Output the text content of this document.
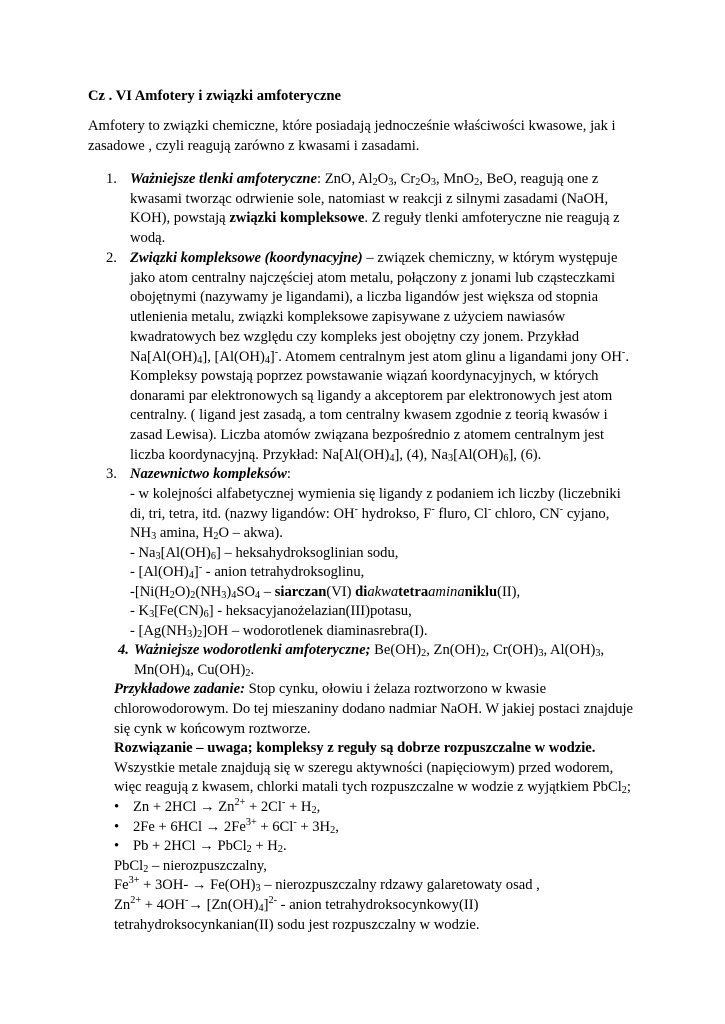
Cz . VI Amfotery i związki amfoteryczne
Amfotery to związki chemiczne, które posiadają jednocześnie właściwości kwasowe, jak i
zasadowe , czyli reagują zarówno z kwasami i zasadami.
1. Ważniejsze tlenki amfoteryczne: ZnO, $Al_2O_3$, $Cr_2O_3$, MnO$_2$, BeO, reagują one z
kwasami tworząc odrwienie sole, natomiast w reakcji z silnymi zasadami (NaOH,
KOH), powstają związki kompleksowe. Z reguły tlenki amfoteryczne nie reagują z
wodą.
2. Związki kompleksowe (koordynacyjne) – związek chemiczny, w którym występuje
jako atom centralny najczęściej atom metalu, połączony z jonami lub cząsteczkami
obojętnymi (nazywamy je ligandami), a liczba ligandów jest większa od stopnia
utlenienia metalu, związki kompleksowe zapisywane z użyciem nawiasów
kwadratowych bez względu czy kompleks jest obojętny czy jonem. Przykład
$Na[Al(OH)_4]$, $[Al(OH)_4]^-$. Atomem centralnym jest atom glinu a ligandami jony OH-.
Kompleksy powstają poprzez powstawanie wiązań koordynacyjnych, w których
donarami par elektronowych są ligandy a akceptorem par elektronowych jest atom
centralny. ( ligand jest zasadą, a tom centralny kwasem zgodnie z teorią kwasów i
zasad Lewisa). Liczba atomów związana bezpośrednio z atomem centralnym jest
liczba koordynacyjną. Przykład: $Na[Al(OH)_4]$, (4), $Na_3[Al(OH)_6]$, (6).
3. Nazewnictwo kompleksów:
- w kolejności alfabetycznej wymienia się ligandy z podaniem ich liczby (liczebniki
di, tri, tetra, itd. (nazwy ligandów: OH- hydrokso, F- fluro, Cl- chloro, CN- cyjano,
$NH_3$ amina, $H_2O$ – akwa).
- $Na_3[Al(OH)_6]$ – heksahydroksoglinian sodu,
- $[Al(OH)_4]^-$ - anion tetrahydroksoglinu,
$-[Ni(H_2O)_2(NH_3)_4SO_4$ – siarczan(VI) diakwatetraaminaniklu(II),
- $K_3[Fe(CN)_6]$ - heksacyjanożelazian(III)potasu,
- $[Ag(NH_3)_2]OH$ – wodorotlenek diaminasrebra(I).
4. Ważniejsze wodorotlenki amfoteryczne; $Be(OH)_2$, $Zn(OH)_2$, $Cr(OH)_3$, $Al(OH)_3$,
$Mn(OH)_4$, $Cu(OH)_2$.
Przykładowe zadanie: Stop cynku, ołowiu i żelaza roztworzono w kwasie
chlorowodorowym. Do tej mieszaniny dodano nadmiar NaOH. W jakiej postaci znajduje
się cynk w końcowym roztworze.
Rozwiązanie – uwaga; kompleksy z reguły są dobrze rozpuszczalne w wodzie.
Wszystkie metale znajdują się w szeregu aktywności (napięciowym) przed wodorem,
więc reagują z kwasem, chlorki matali tych rozpuszczalne w wodzie z wyjątkiem PbCl$_2$;
• $Zn + 2HCl \to Zn^{2+} + 2Cl^- + H_2$,
• $2Fe + 6HCl \to 2Fe^{3+} + 6Cl^- + 3H_2$,
• Pb + 2HCl → PbCl$_2$ + $H_2$.
PbCl$_2$ – nierozpuszczalny,
$Fe^{3+} + 3OH- \to Fe(OH)_3$ – nierozpuszczalny rdzawy galaretowaty osad ,
$Zn^{2+} + 4OH^-\to [Zn(OH)_4]^{2-}$ - anion tetrahydroksocynkowy(II)
tetrahydroksocynkanian(II) sodu jest rozpuszczalny w wodzie.
